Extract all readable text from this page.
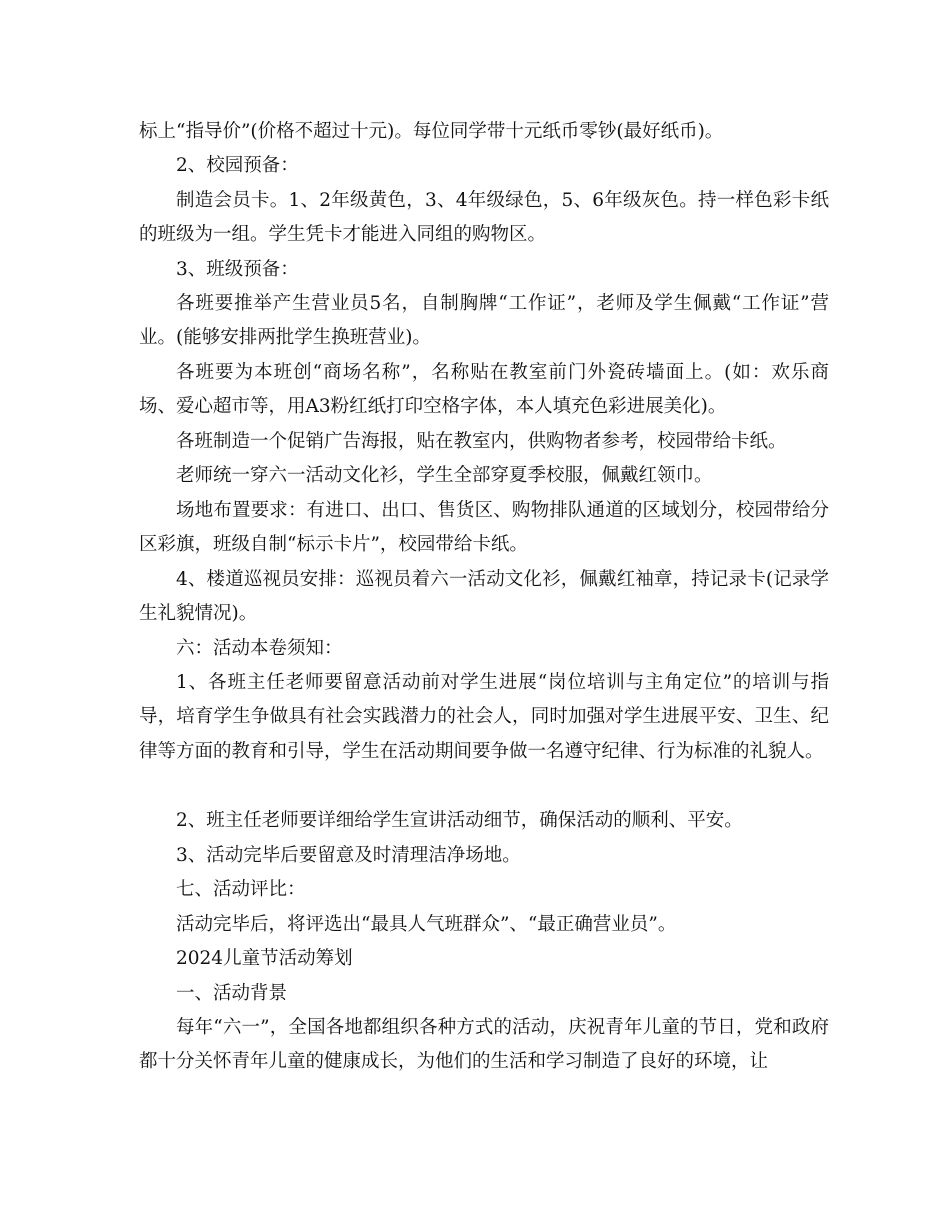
标上“指导价”(价格不超过十元)。每位同学带十元纸币零钞(最好纸币)。

2、校园预备：

制造会员卡。1、2年级黄色，3、4年级绿色，5、6年级灰色。持一样色彩卡纸的班级为一组。学生凭卡才能进入同组的购物区。

3、班级预备：

各班要推举产生营业员5名，自制胸牌“工作证”，老师及学生佩戴“工作证”营业。(能够安排两批学生换班营业)。

各班要为本班创“商场名称”，名称贴在教室前门外瓷砖墙面上。(如：欢乐商场、爱心超市等，用A3粉红纸打印空格字体，本人填充色彩进展美化)。

各班制造一个促销广告海报，贴在教室内，供购物者参考，校园带给卡纸。

老师统一穿六一活动文化衫，学生全部穿夏季校服，佩戴红领巾。

场地布置要求：有进口、出口、售货区、购物排队通道的区域划分，校园带给分区彩旗，班级自制“标示卡片”，校园带给卡纸。

4、楼道巡视员安排：巡视员着六一活动文化衫，佩戴红袖章，持记录卡(记录学生礼貌情况)。

六：活动本卷须知：

1、各班主任老师要留意活动前对学生进展“岗位培训与主角定位”的培训与指导，培育学生争做具有社会实践潜力的社会人，同时加强对学生进展平安、卫生、纪律等方面的教育和引导，学生在活动期间要争做一名遵守纪律、行为标准的礼貌人。

2、班主任老师要详细给学生宣讲活动细节，确保活动的顺利、平安。

3、活动完毕后要留意及时清理洁净场地。

七、活动评比：

活动完毕后，将评选出“最具人气班群众”、“最正确营业员”。

2024儿童节活动筹划

一、活动背景

每年“六一”，全国各地都组织各种方式的活动，庆祝青年儿童的节日，党和政府都十分关怀青年儿童的健康成长，为他们的生活和学习制造了良好的环境，让
